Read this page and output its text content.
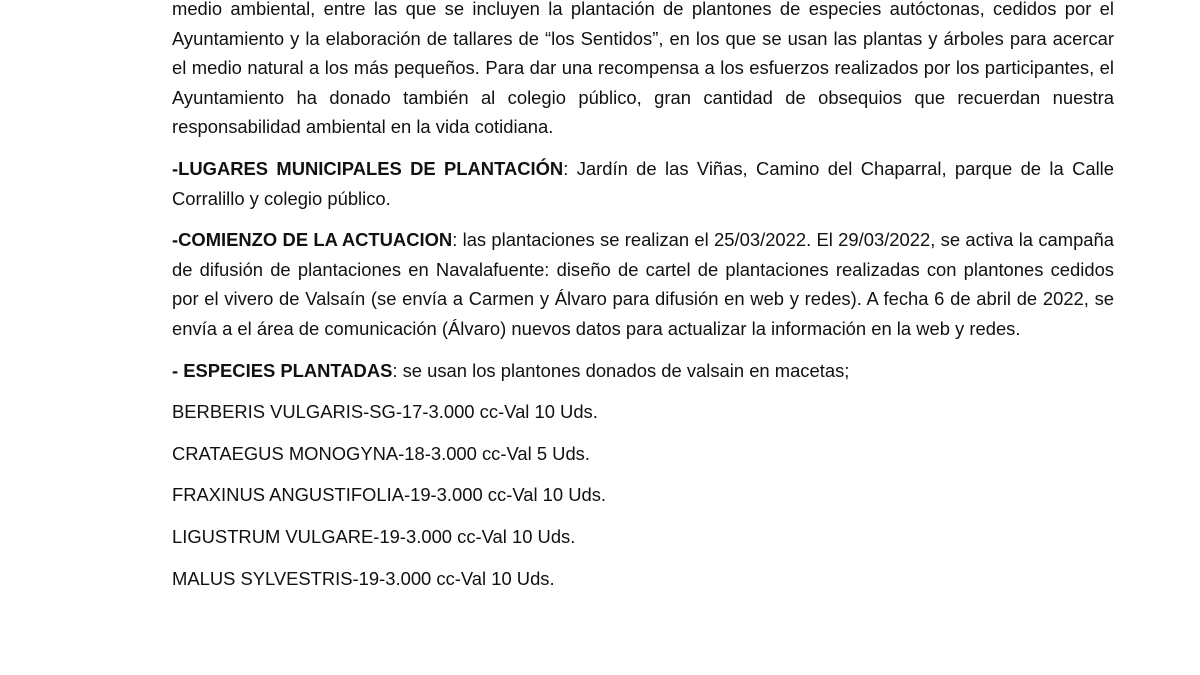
medio ambiental, entre las que se incluyen la plantación de plantones de especies autóctonas, cedidos por el Ayuntamiento y la elaboración de tallares de “los Sentidos”, en los que se usan las plantas y árboles para acercar el medio natural a los más pequeños. Para dar una recompensa a los esfuerzos realizados por los participantes, el Ayuntamiento ha donado también al colegio público, gran cantidad de obsequios que recuerdan nuestra responsabilidad ambiental en la vida cotidiana.

-LUGARES MUNICIPALES DE PLANTACIÓN: Jardín de las Viñas, Camino del Chaparral, parque de la Calle Corralillo y colegio público.

-COMIENZO DE LA ACTUACION: las plantaciones se realizan el 25/03/2022. El 29/03/2022, se activa la campaña de difusión de plantaciones en Navalafuente: diseño de cartel de plantaciones realizadas con plantones cedidos por el vivero de Valsaín (se envía a Carmen y Álvaro para difusión en web y redes). A fecha 6 de abril de 2022, se envía a el área de comunicación (Álvaro) nuevos datos para actualizar la información en la web y redes.

- ESPECIES PLANTADAS: se usan los plantones donados de valsain en macetas;

BERBERIS VULGARIS-SG-17-3.000 cc-Val 10 Uds.
CRATAEGUS MONOGYNA-18-3.000 cc-Val 5 Uds.
FRAXINUS ANGUSTIFOLIA-19-3.000 cc-Val 10 Uds.
LIGUSTRUM VULGARE-19-3.000 cc-Val 10 Uds.
MALUS SYLVESTRIS-19-3.000 cc-Val 10 Uds.
